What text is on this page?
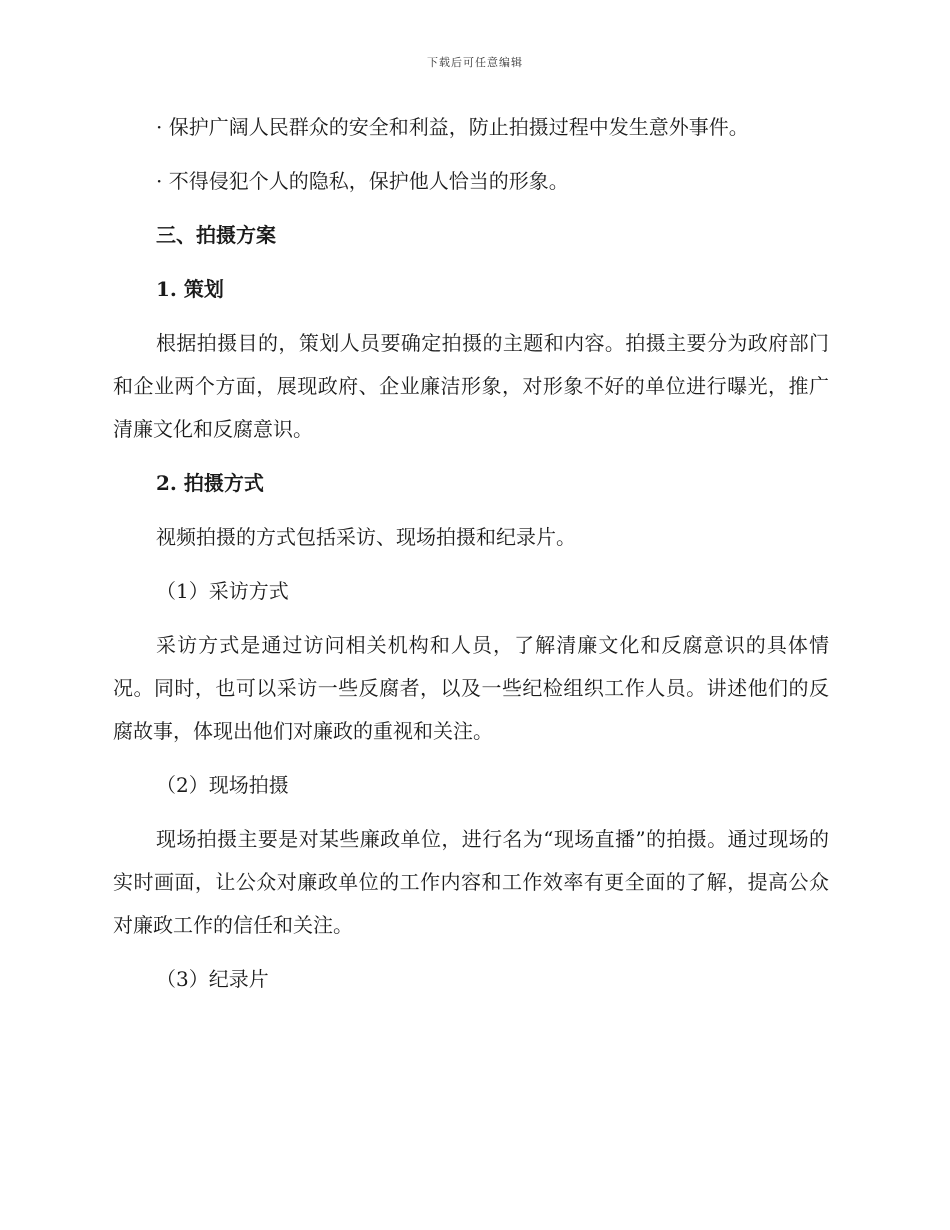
下载后可任意编辑

· 保护广阔人民群众的安全和利益，防止拍摄过程中发生意外事件。

· 不得侵犯个人的隐私，保护他人恰当的形象。

三、拍摄方案

1. 策划

根据拍摄目的，策划人员要确定拍摄的主题和内容。拍摄主要分为政府部门和企业两个方面，展现政府、企业廉洁形象，对形象不好的单位进行曝光，推广清廉文化和反腐意识。

2. 拍摄方式

视频拍摄的方式包括采访、现场拍摄和纪录片。

（1）采访方式

采访方式是通过访问相关机构和人员，了解清廉文化和反腐意识的具体情况。同时，也可以采访一些反腐者，以及一些纪检组织工作人员。讲述他们的反腐故事，体现出他们对廉政的重视和关注。

（2）现场拍摄

现场拍摄主要是对某些廉政单位，进行名为“现场直播”的拍摄。通过现场的实时画面，让公众对廉政单位的工作内容和工作效率有更全面的了解，提高公众对廉政工作的信任和关注。

（3）纪录片
